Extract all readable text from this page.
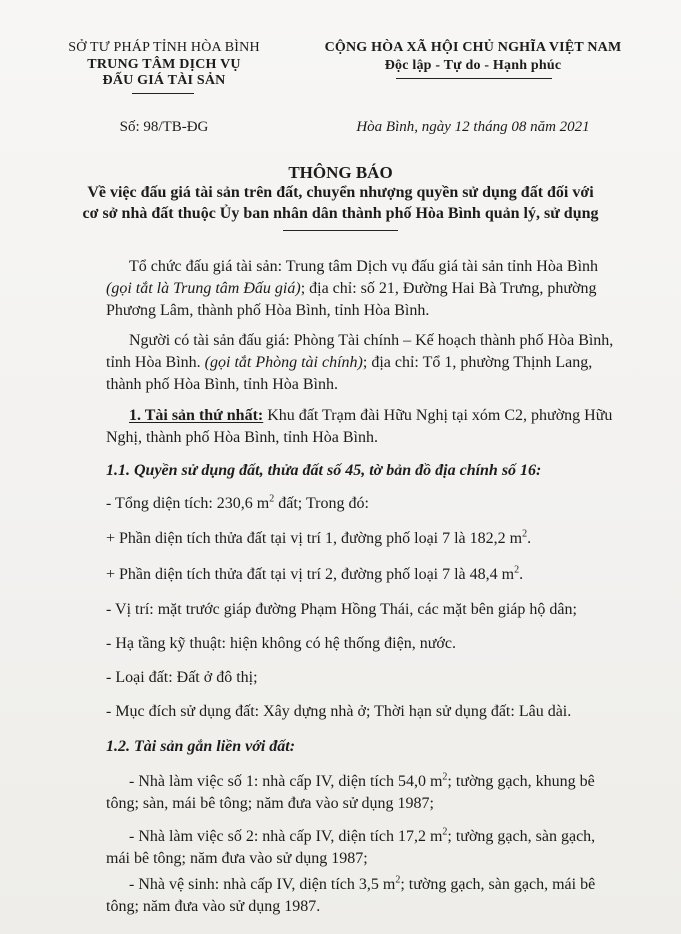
SỞ TƯ PHÁP TỈNH HÒA BÌNH
TRUNG TÂM DỊCH VỤ
ĐẤU GIÁ TÀI SẢN
Số: 98/TB-ĐG
CỘNG HÒA XÃ HỘI CHỦ NGHĨA VIỆT NAM
Độc lập - Tự do - Hạnh phúc
Hòa Bình, ngày 12 tháng 08 năm 2021
THÔNG BÁO
Về việc đấu giá tài sản trên đất, chuyển nhượng quyền sử dụng đất đối với
cơ sở nhà đất thuộc Ủy ban nhân dân thành phố Hòa Bình quản lý, sử dụng
Tổ chức đấu giá tài sản: Trung tâm Dịch vụ đấu giá tài sản tỉnh Hòa Bình
(gọi tắt là Trung tâm Đấu giá); địa chỉ: số 21, Đường Hai Bà Trưng, phường
Phương Lâm, thành phố Hòa Bình, tỉnh Hòa Bình.
Người có tài sản đấu giá: Phòng Tài chính – Kế hoạch thành phố Hòa Bình,
tỉnh Hòa Bình. (gọi tắt Phòng tài chính); địa chỉ: Tổ 1, phường Thịnh Lang,
thành phố Hòa Bình, tỉnh Hòa Bình.
1. Tài sản thứ nhất: Khu đất Trạm đài Hữu Nghị tại xóm C2, phường Hữu
Nghị, thành phố Hòa Bình, tỉnh Hòa Bình.
1.1. Quyền sử dụng đất, thửa đất số 45, tờ bản đồ địa chính số 16:
- Tổng diện tích: 230,6 $m^2$ đất; Trong đó:
+ Phần diện tích thửa đất tại vị trí 1, đường phố loại 7 là 182,2 $m^2$.
+ Phần diện tích thửa đất tại vị trí 2, đường phố loại 7 là 48,4 $m^2$.
- Vị trí: mặt trước giáp đường Phạm Hồng Thái, các mặt bên giáp hộ dân;
- Hạ tầng kỹ thuật: hiện không có hệ thống điện, nước.
- Loại đất: Đất ở đô thị;
- Mục đích sử dụng đất: Xây dựng nhà ở; Thời hạn sử dụng đất: Lâu dài.
1.2. Tài sản gắn liền với đất:
- Nhà làm việc số 1: nhà cấp IV, diện tích 54,0 $m^2$; tường gạch, khung bê
tông; sàn, mái bê tông; năm đưa vào sử dụng 1987;
- Nhà làm việc số 2: nhà cấp IV, diện tích 17,2 $m^2$; tường gạch, sàn gạch,
mái bê tông; năm đưa vào sử dụng 1987;
- Nhà vệ sinh: nhà cấp IV, diện tích 3,5 $m^2$; tường gạch, sàn gạch, mái bê
tông; năm đưa vào sử dụng 1987.
